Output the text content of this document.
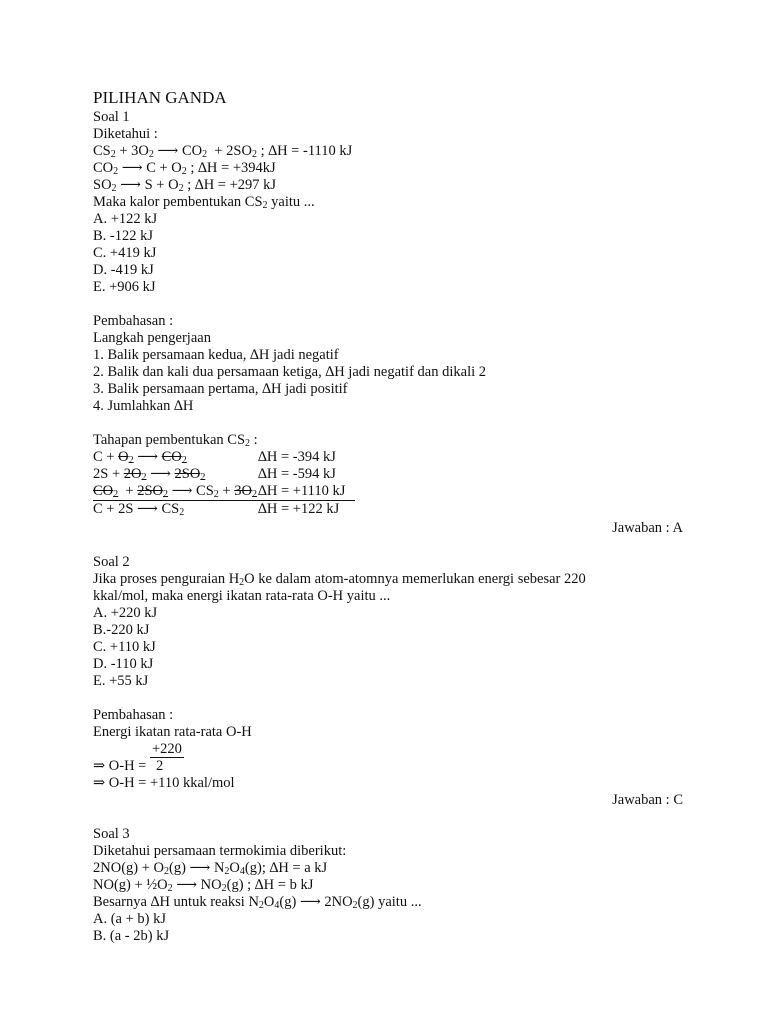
PILIHAN GANDA
Soal 1
Diketahui :
$CS_2 + 3O_2$ ⟶ $CO_2 + 2SO_2$ ; ∆H = -1110 kJ
$CO_2$ ⟶ $C + O_2$ ; ∆H = +394kJ
$SO_2$ ⟶ $S + O_2$ ; ∆H = +297 kJ
Maka kalor pembentukan $CS_2$ yaitu ...
A. +122 kJ
B. -122 kJ
C. +419 kJ
D. -419 kJ
E. +906 kJ
Pembahasan :
Langkah pengerjaan
1. Balik persamaan kedua, ∆H jadi negatif
2. Balik dan kali dua persamaan ketiga, ∆H jadi negatif dan dikali 2
3. Balik persamaan pertama, ∆H jadi positif
4. Jumlahkan ∆H
Tahapan pembentukan $CS_2$ :
$C + O_2$ ⟶ $CO_2$	∆H = -394 kJ
$2S + 2O_2$ ⟶ $2SO_2$	∆H = -594 kJ
$CO_2 + 2SO_2$ ⟶ $CS_2 + 3O_2$ ∆H = +1110 kJ
C + 2S ⟶ $CS_2$	∆H = +122 kJ
Jawaban : A
Soal 2
Jika proses penguraian $H_2O$ ke dalam atom-atomnya memerlukan energi sebesar 220
kkal/mol, maka energi ikatan rata-rata O-H yaitu ...
A. +220 kJ
B.-220 kJ
C. +110 kJ
D. -110 kJ
E. +55 kJ
Pembahasan :
Energi ikatan rata-rata O-H
+220
⇒ O-H = 2
⇒ O-H = +110 kkal/mol
Jawaban : C
Soal 3
Diketahui persamaan termokimia diberikut:
$2NO(g) + O_2(g)$ ⟶ $N_2O_4(g)$; ∆H = a kJ
$NO(g) + \frac{1}{2}O_2$ ⟶ $NO_2(g)$ ; ∆H = b kJ
Besarnya ∆H untuk reaksi $N_2O_4(g)$ ⟶ $2NO_2(g)$ yaitu ...
A. (a + b) kJ
B. (a - 2b) kJ
